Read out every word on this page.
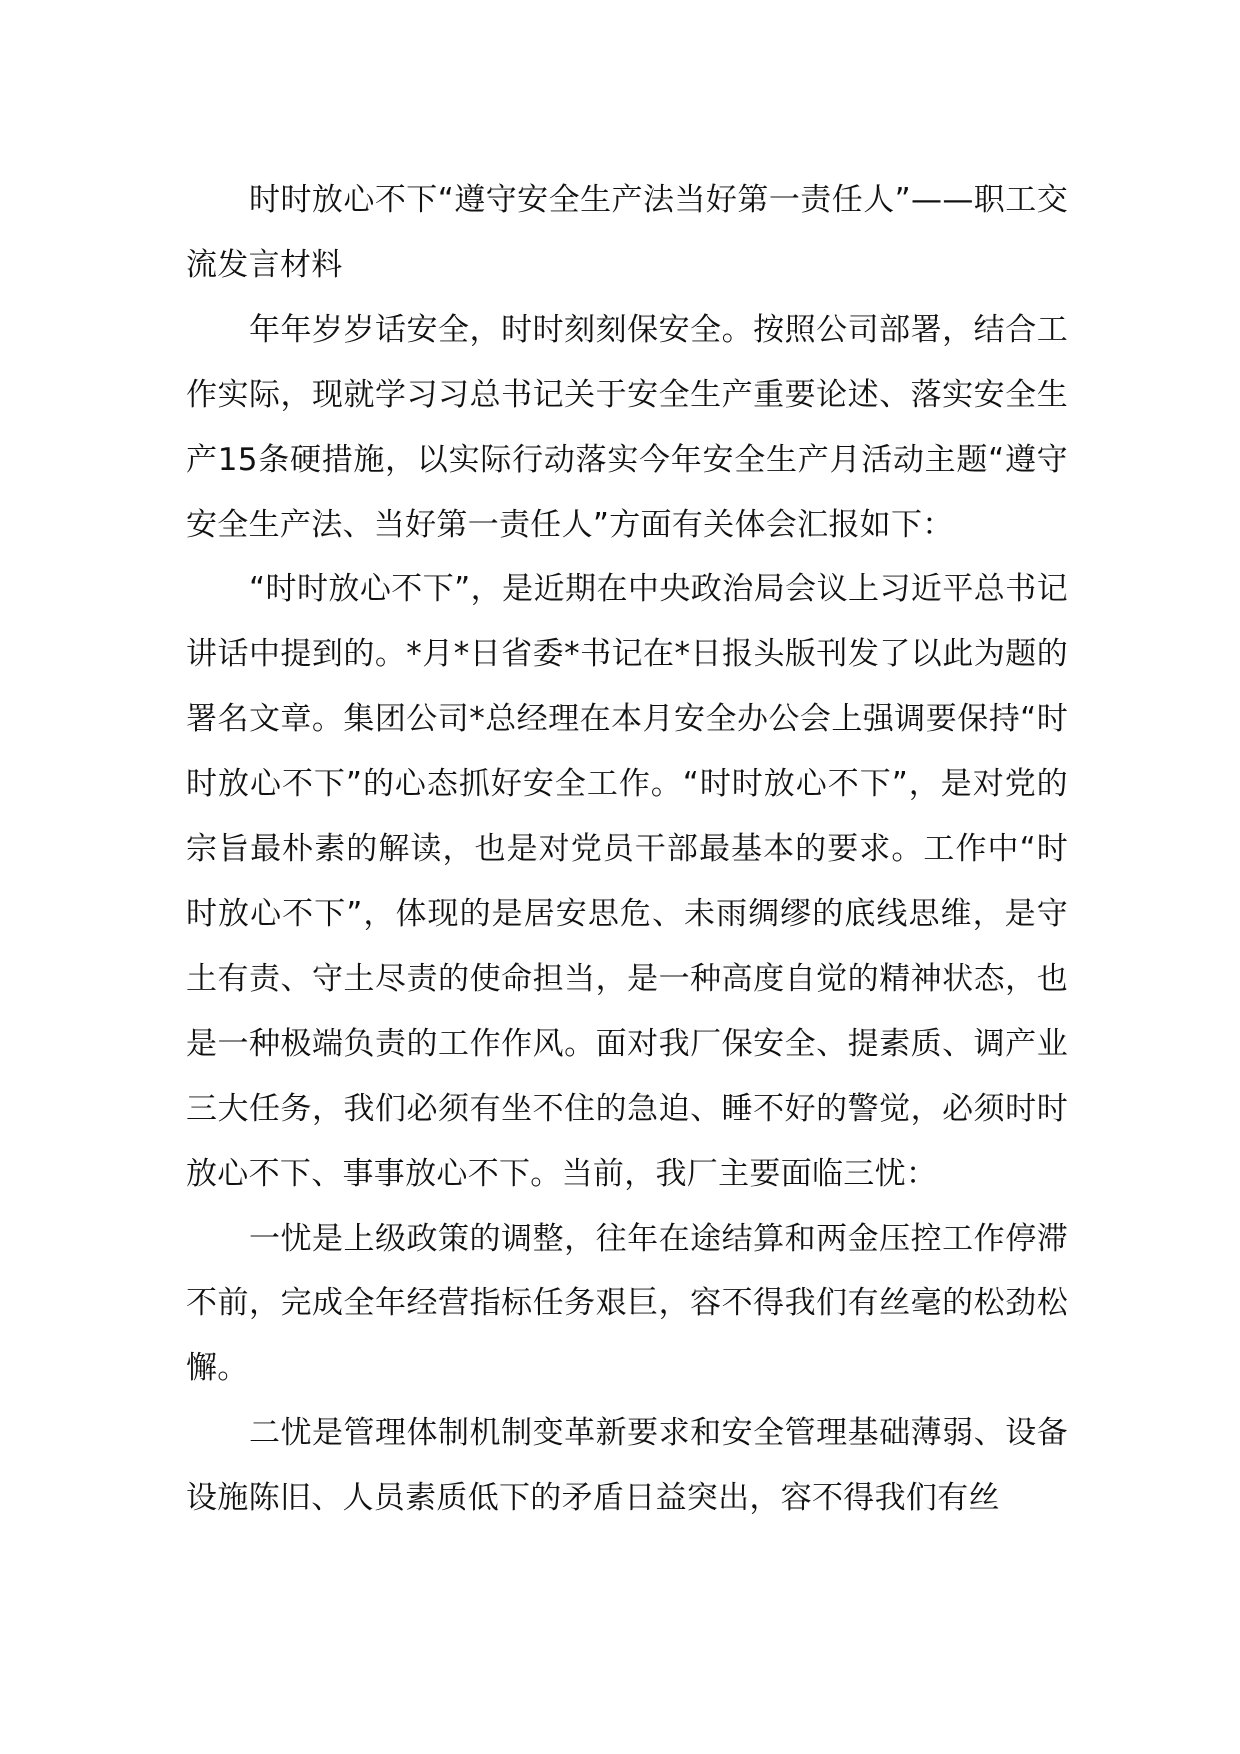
时时放心不下“遵守安全生产法当好第一责任人”——职工交流发言材料

年年岁岁话安全，时时刻刻保安全。按照公司部署，结合工作实际，现就学习习总书记关于安全生产重要论述、落实安全生产15条硬措施，以实际行动落实今年安全生产月活动主题“遵守安全生产法、当好第一责任人”方面有关体会汇报如下：

“时时放心不下”，是近期在中央政治局会议上习近平总书记讲话中提到的。*月*日省委*书记在*日报头版刊发了以此为题的署名文章。集团公司*总经理在本月安全办公会上强调要保持“时时放心不下”的心态抓好安全工作。“时时放心不下”，是对党的宗旨最朴素的解读，也是对党员干部最基本的要求。工作中“时时放心不下”，体现的是居安思危、未雨绸缪的底线思维，是守土有责、守土尽责的使命担当，是一种高度自觉的精神状态，也是一种极端负责的工作作风。面对我厂保安全、提素质、调产业三大任务，我们必须有坐不住的急迫、睡不好的警觉，必须时时放心不下、事事放心不下。当前，我厂主要面临三忧：

一忧是上级政策的调整，往年在途结算和两金压控工作停滞不前，完成全年经营指标任务艰巨，容不得我们有丝毫的松劲松懈。

二忧是管理体制机制变革新要求和安全管理基础薄弱、设备设施陈旧、人员素质低下的矛盾日益突出，容不得我们有丝
